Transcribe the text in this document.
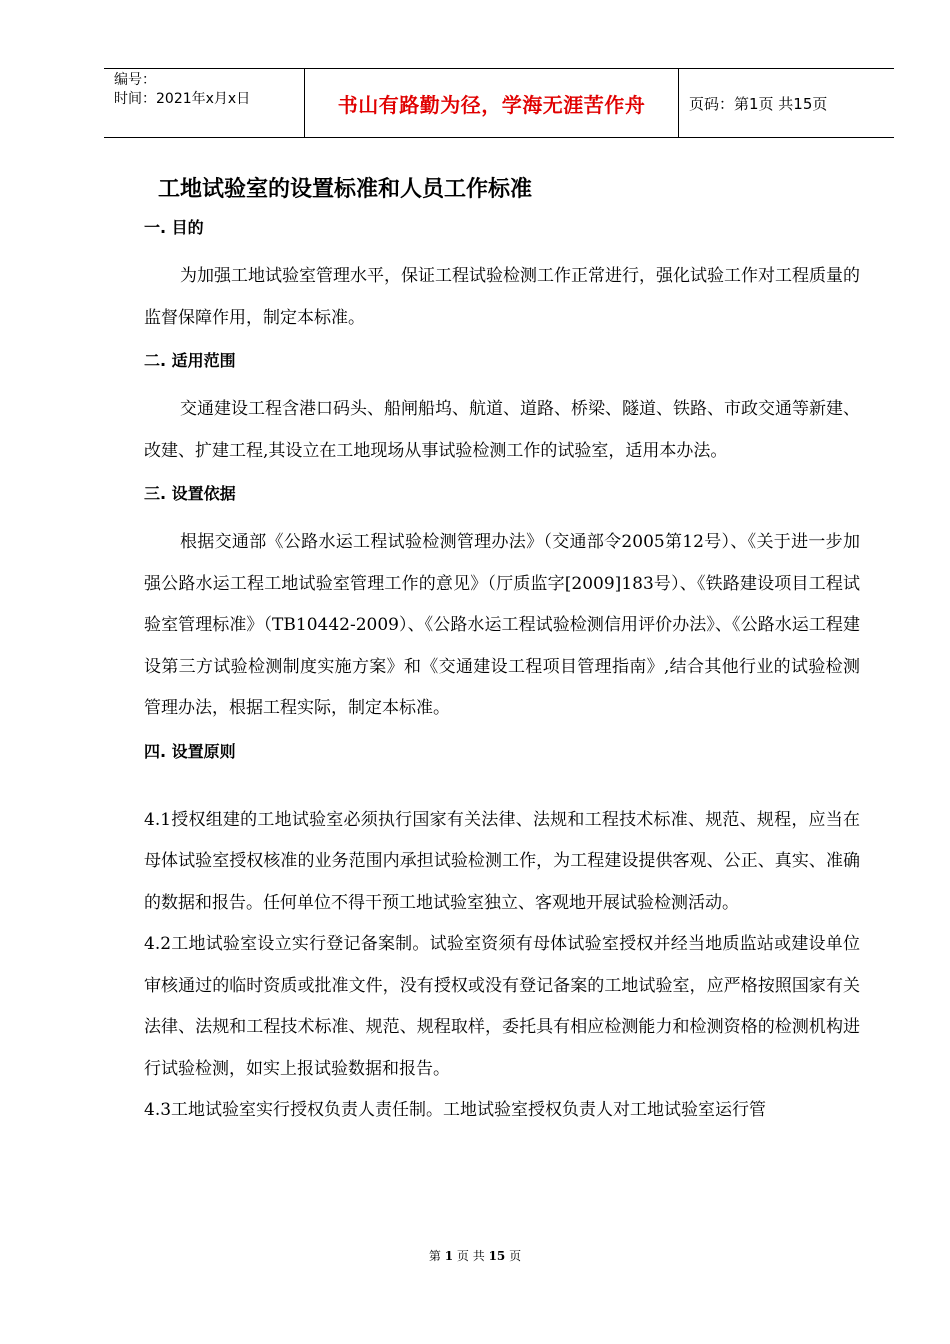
编号：
时间：2021年x月x日	书山有路勤为径，学海无涯苦作舟	页码：第1页 共15页
工地试验室的设置标准和人员工作标准
一. 目的
为加强工地试验室管理水平，保证工程试验检测工作正常进行，强化试验工作对工程质量的监督保障作用，制定本标准。
二. 适用范围
交通建设工程含港口码头、船闸船坞、航道、道路、桥梁、隧道、铁路、市政交通等新建、改建、扩建工程,其设立在工地现场从事试验检测工作的试验室，适用本办法。
三. 设置依据
根据交通部《公路水运工程试验检测管理办法》（交通部令2005第12号）、《关于进一步加强公路水运工程工地试验室管理工作的意见》（厅质监字[2009]183号）、《铁路建设项目工程试验室管理标准》（TB10442-2009）、《公路水运工程试验检测信用评价办法》、《公路水运工程建设第三方试验检测制度实施方案》和《交通建设工程项目管理指南》,结合其他行业的试验检测管理办法，根据工程实际，制定本标准。
四. 设置原则
4.1授权组建的工地试验室必须执行国家有关法律、法规和工程技术标准、规范、规程，应当在母体试验室授权核准的业务范围内承担试验检测工作，为工程建设提供客观、公正、真实、准确的数据和报告。任何单位不得干预工地试验室独立、客观地开展试验检测活动。
4.2工地试验室设立实行登记备案制。试验室资须有母体试验室授权并经当地质监站或建设单位审核通过的临时资质或批准文件，没有授权或没有登记备案的工地试验室，应严格按照国家有关法律、法规和工程技术标准、规范、规程取样，委托具有相应检测能力和检测资格的检测机构进行试验检测，如实上报试验数据和报告。
4.3工地试验室实行授权负责人责任制。工地试验室授权负责人对工地试验室运行管
第 1 页 共 15 页
